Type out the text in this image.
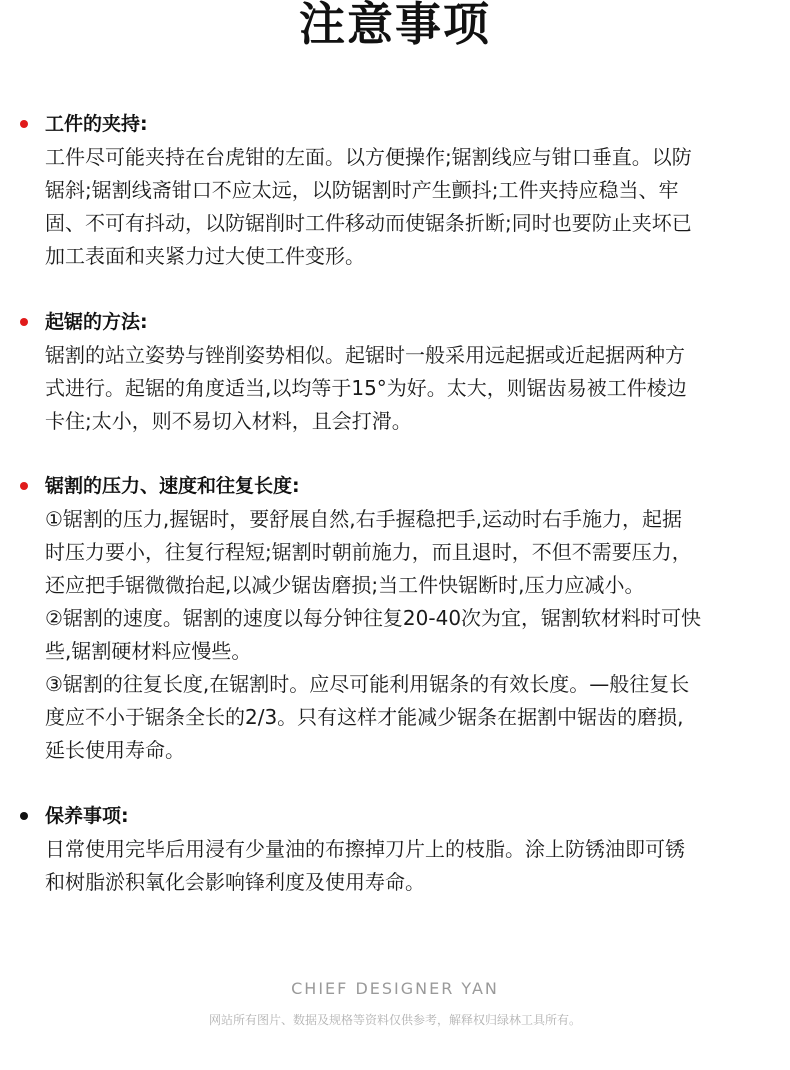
注意事项
工件的夹持:
工件尽可能夹持在台虎钳的左面。以方便操作;锯割线应与钳口垂直。以防
锯斜;锯割线斋钳口不应太远，以防锯割时产生颤抖;工件夹持应稳当、牢
固、不可有抖动，以防锯削时工件移动而使锯条折断;同时也要防止夹坏已
加工表面和夹紧力过大使工件变形。
起锯的方法:
锯割的站立姿势与锉削姿势相似。起锯时一般采用远起据或近起据两种方
式进行。起锯的角度适当,以均等于15°为好。太大，则锯齿易被工件棱边
卡住;太小，则不易切入材料，且会打滑。
锯割的压力、速度和往复长度:
①锯割的压力,握锯时，要舒展自然,右手握稳把手,运动时右手施力，起据
时压力要小，往复行程短;锯割时朝前施力，而且退时，不但不需要压力，
还应把手锯微微抬起,以减少锯齿磨损;当工件快锯断时,压力应减小。
②锯割的速度。锯割的速度以每分钟往复20-40次为宜，锯割软材料时可快
些,锯割硬材料应慢些。
③锯割的往复长度,在锯割时。应尽可能利用锯条的有效长度。—般往复长
度应不小于锯条全长的2/3。只有这样才能减少锯条在据割中锯齿的磨损,
延长使用寿命。
保养事项:
日常使用完毕后用浸有少量油的布擦掉刀片上的枝脂。涂上防锈油即可锈
和树脂淤积氧化会影响锋利度及使用寿命。
CHIEF DESIGNER YAN
网站所有图片、数据及规格等资料仅供参考，解释权归绿林工具所有。
